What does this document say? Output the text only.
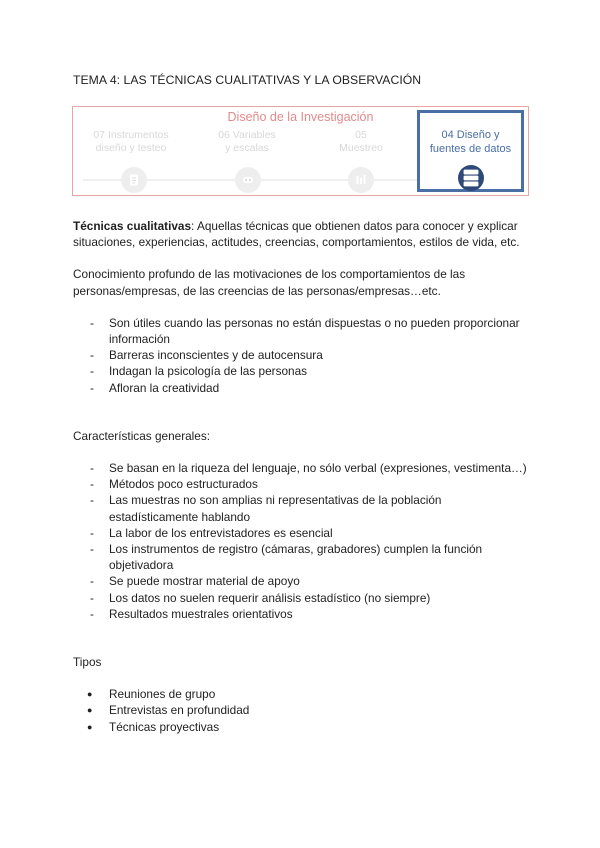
TEMA 4: LAS TÉCNICAS CUALITATIVAS Y LA OBSERVACIÓN
Diseño de la Investigación
07 Instrumentos
diseño y testeo
06 Variables
y escalas
05
Muestreo
04 Diseño y
fuentes de datos

Técnicas cualitativas: Aquellas técnicas que obtienen datos para conocer y explicar situaciones, experiencias, actitudes, creencias, comportamientos, estilos de vida, etc.

Conocimiento profundo de las motivaciones de los comportamientos de las personas/empresas, de las creencias de las personas/empresas…etc.

- Son útiles cuando las personas no están dispuestas o no pueden proporcionar información
- Barreras inconscientes y de autocensura
- Indagan la psicología de las personas
- Afloran la creatividad

Características generales:

- Se basan en la riqueza del lenguaje, no sólo verbal (expresiones, vestimenta…)
- Métodos poco estructurados
- Las muestras no son amplias ni representativas de la población estadísticamente hablando
- La labor de los entrevistadores es esencial
- Los instrumentos de registro (cámaras, grabadores) cumplen la función objetivadora
- Se puede mostrar material de apoyo
- Los datos no suelen requerir análisis estadístico (no siempre)
- Resultados muestrales orientativos

Tipos

● Reuniones de grupo
● Entrevistas en profundidad
● Técnicas proyectivas
